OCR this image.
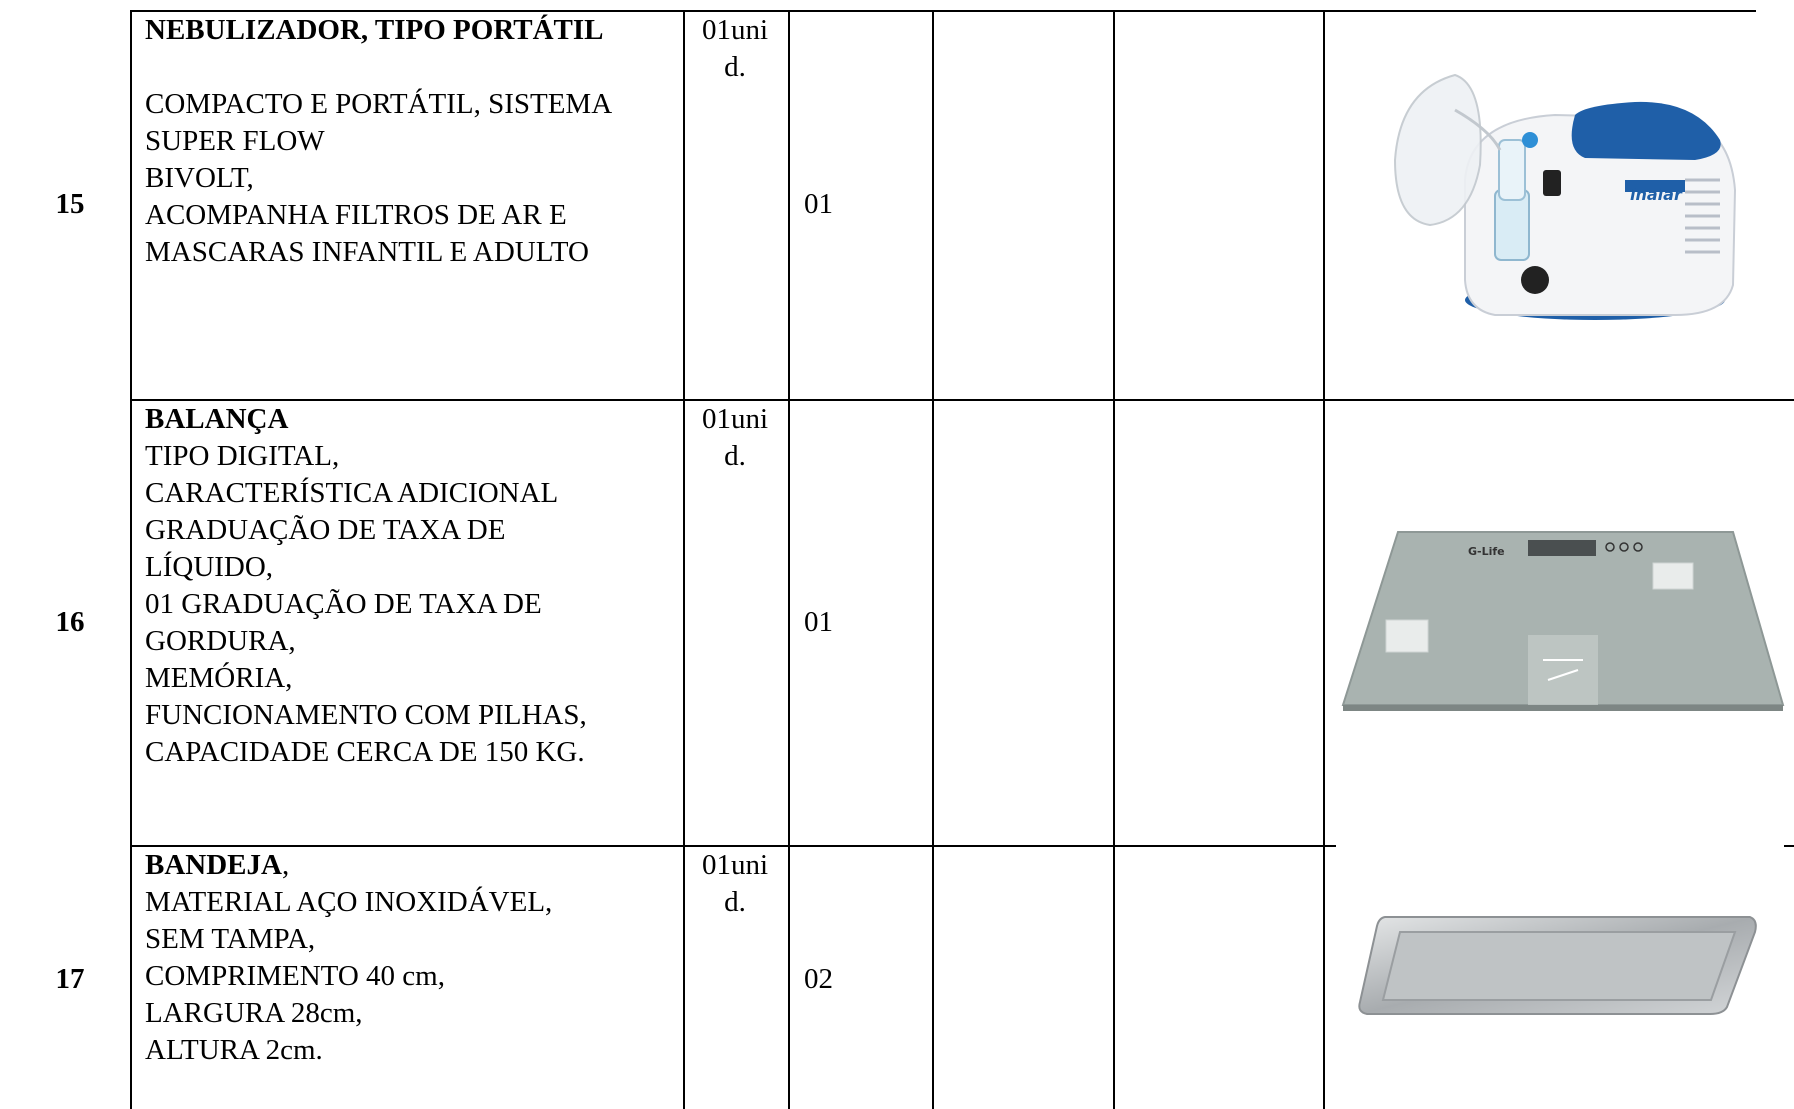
15
NEBULIZADOR, TIPO PORTÁTIL
COMPACTO E PORTÁTIL, SISTEMA
SUPER FLOW
BIVOLT,
ACOMPANHA FILTROS DE AR E
MASCARAS INFANTIL E ADULTO
01uni
d.
01	inalar
16
BALANÇA
TIPO DIGITAL,
CARACTERÍSTICA ADICIONAL
GRADUAÇÃO DE TAXA DE
LÍQUIDO,
01 GRADUAÇÃO DE TAXA DE
GORDURA,
MEMÓRIA,
FUNCIONAMENTO COM PILHAS,
CAPACIDADE CERCA DE 150 KG.
01uni
d.
01
G-Life
17
BANDEJA,
MATERIAL AÇO INOXIDÁVEL,
SEM TAMPA,
COMPRIMENTO 40 cm,
LARGURA 28cm,
ALTURA 2cm.
01uni
d.
02
